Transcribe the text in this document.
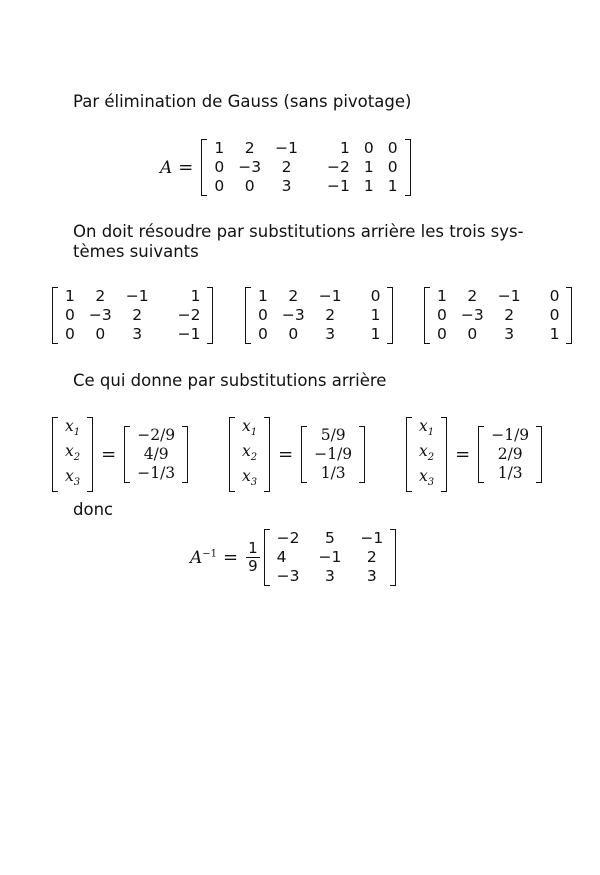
Par élimination de Gauss (sans pivotage)
A =
1	2	−1	1	0	0
0	−3	2	−2	1	0
0	0	3	−1	1	1
On doit résoudre par substitutions arrière les trois sys-
tèmes suivants
1	2	−1	1
0	−3	2	−2
0	0	3	−1
1	2	−1	0
0	−3	2	1
0	0	3	1
1	2	−1	0
0	−3	2	0
0	0	3	1
Ce qui donne par substitutions arrière
$x_1$
$x_2$
$x_3$
=
−2/9
4/9
−1/3
$x_1$
$x_2$
$x_3$
=
5/9
−1/9
1/3
$x_1$
$x_2$
$x_3$
=
−1/9
2/9
1/3
donc
$A^{-1} = \frac{1}{9}$
−2	5	−1
4	−1	2
−3	3	3
